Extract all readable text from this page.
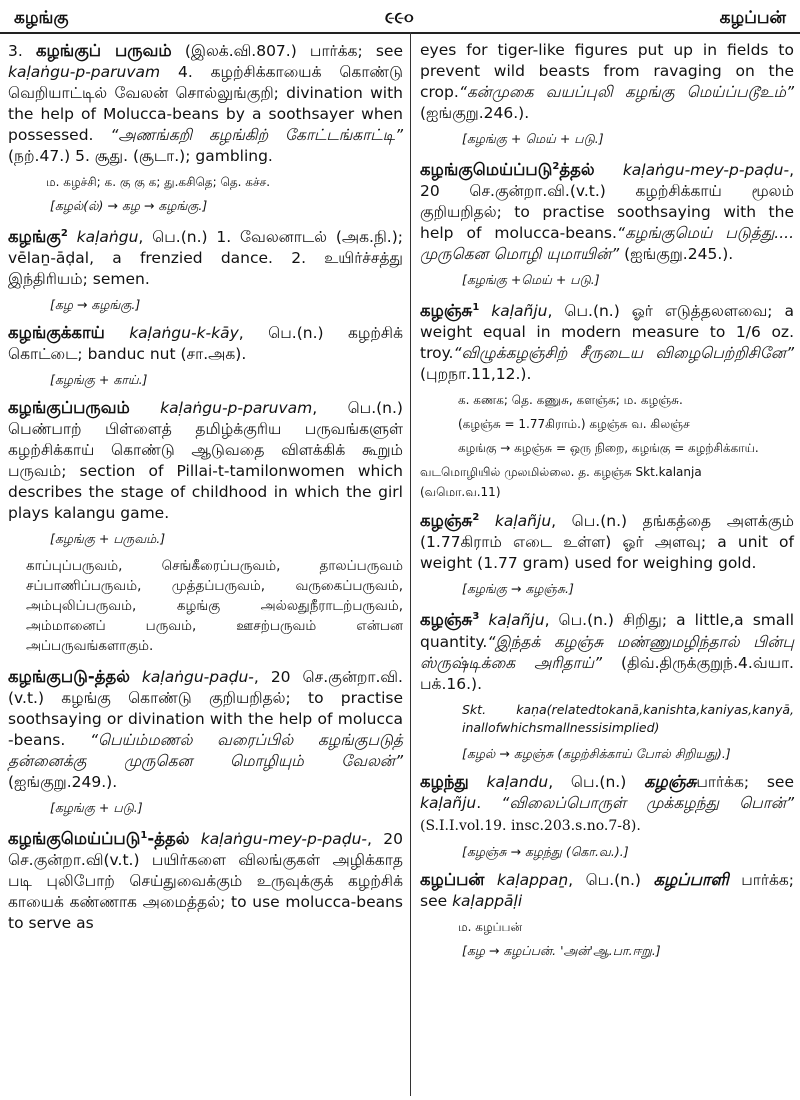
கழங்கு	૯૯૦	கழப்பன்
3. கழங்குப் பருவம் (இலக்.வி.807.) பார்க்க; see kaḷaṅgu-p-paruvam 4. கழற்சிக்காயைக் கொண்டு வெறியாட்டில் வேலன் சொல்லுங்குறி; divination with the help of Molucca-beans by a soothsayer when possessed. “அணங்கறி கழங்கிற் கோட்டங்காட்டி” (நற்.47.) 5. சூது. (சூடா.); gambling.
ம. கழச்சி; க. கு கு க; து.கசிதெ; தெ. கச்ச.
[கழல்(ல்) → கழ → கழங்கு.]
கழங்கு$^2$ kaḷaṅgu, பெ.(n.) 1. வேலனாடல் (அக.நி.); vēlaṉ-āḍal, a frenzied dance. 2. உயிர்ச்சத்து இந்திரியம்; semen.
[கழ → கழங்கு.]
கழங்குக்காய் kaḷaṅgu-k-kāy, பெ.(n.) கழற்சிக் கொட்டை; banduc nut (சா.அக).
[கழங்கு + காய்.]
கழங்குப்பருவம் kaḷaṅgu-p-paruvam, பெ.(n.) பெண்பாற் பிள்ளைத் தமிழ்க்குரிய பருவங்களுள் கழற்சிக்காய் கொண்டு ஆடுவதை விளக்கிக் கூறும் பருவம்; section of Pillai-t-tamilonwomen which describes the stage of childhood in which the girl plays kalangu game.
[கழங்கு + பருவம்.]
காப்புப்பருவம், செங்கீரைப்பருவம், தாலப்பருவம் சப்பாணிப்பருவம், முத்தப்பருவம், வருகைப்பருவம், அம்புலிப்பருவம், கழங்கு அல்லதுநீராடற்பருவம், அம்மானைப் பருவம், ஊசற்பருவம் என்பன அப்பருவங்களாகும்.
கழங்குபடு-த்தல் kaḷaṅgu-paḍu-, 20 செ.குன்றா.வி.(v.t.) கழங்கு கொண்டு குறியறிதல்; to practise soothsaying or divination with the help of molucca -beans. “பெய்ம்மணல் வரைப்பில் கழங்குபடுத் தன்னைக்கு முருகென மொழியும் வேலன்” (ஐங்குறு.249.).
[கழங்கு + படு.]
கழங்குமெய்ப்படு$^1$-த்தல் kaḷaṅgu-mey-p-paḍu-, 20 செ.குன்றா.வி(v.t.) பயிர்களை விலங்குகள் அழிக்காத படி புலிபோற் செய்துவைக்கும் உருவுக்குக் கழற்சிக் காயைக் கண்ணாக அமைத்தல்; to use molucca-beans to serve as
eyes for tiger-like figures put up in fields to prevent wild beasts from ravaging on the crop.“கன்முகை வயப்புலி கழங்கு மெய்ப்படூஉம்” (ஐங்குறு.246.).
[கழங்கு + மெய் + படு.]
கழங்குமெய்ப்படு$^2$த்தல் kaḷaṅgu-mey-p-paḍu-, 20 செ.குன்றா.வி.(v.t.) கழற்சிக்காய் மூலம் குறியறிதல்; to practise soothsaying with the help of molucca-beans.“கழங்குமெய் படுத்து.... முருகென மொழி யுமாயின்” (ஐங்குறு.245.).
[கழங்கு +மெய் + படு.]
கழஞ்சு$^1$ kaḷañju, பெ.(n.) ஓர் எடுத்தலளவை; a weight equal in modern measure to 1/6 oz. troy.“விழுக்கழஞ்சிற் சீருடைய விழைபெற்றிசினே” (புறநா.11,12.).
க. கணக; தெ. கணுசு, களஞ்சு; ம. கழஞ்சு.
(கழஞ்சு = 1.77கிராம்.) கழஞ்சு வ. கிலஞ்ச
கழங்கு → கழஞ்சு = ஒரு நிறை, கழங்கு = கழற்சிக்காய்.
வடமொழியில் முலமில்லை. த. கழஞ்சு Skt.kalanja
(வமொ.வ.11)
கழஞ்சு$^2$ kaḷañju, பெ.(n.) தங்கத்தை அளக்கும் (1.77கிராம் எடை உள்ள) ஓர் அளவு; a unit of weight (1.77 gram) used for weighing gold.
[கழங்கு → கழஞ்சு.]
கழஞ்சு$^3$ kaḷañju, பெ.(n.) சிறிது; a little,a small quantity.“இந்தக் கழஞ்சு மண்ணுமழிந்தால் பின்பு ஸ்ருஷ்டிக்கை அரிதாய்” (திவ்.திருக்குறுந்.4.வ்யா. பக்.16.).
Skt. kaṇa(relatedtokanā,kanishta,kaniyas,kanyā, inallofwhichsmallnessisimplied)
[கழல் → கழஞ்சு (கழற்சிக்காய் போல் சிறியது).]
கழந்து kaḷandu, பெ.(n.) கழஞ்சுபார்க்க; see kaḷañju. “விலைப்பொருள் முக்கழந்து பொன்” (S.I.I.vol.19. insc.203.s.no.7-8).
[கழஞ்சு → கழந்து (கொ.வ.).]
கழப்பன் kaḷappaṉ, பெ.(n.) கழப்பாளி பார்க்க; see kaḷappāḷi
ம. கழப்பன்
[கழ → கழப்பன். 'அன்'ஆ.பா.ஈறு.]
